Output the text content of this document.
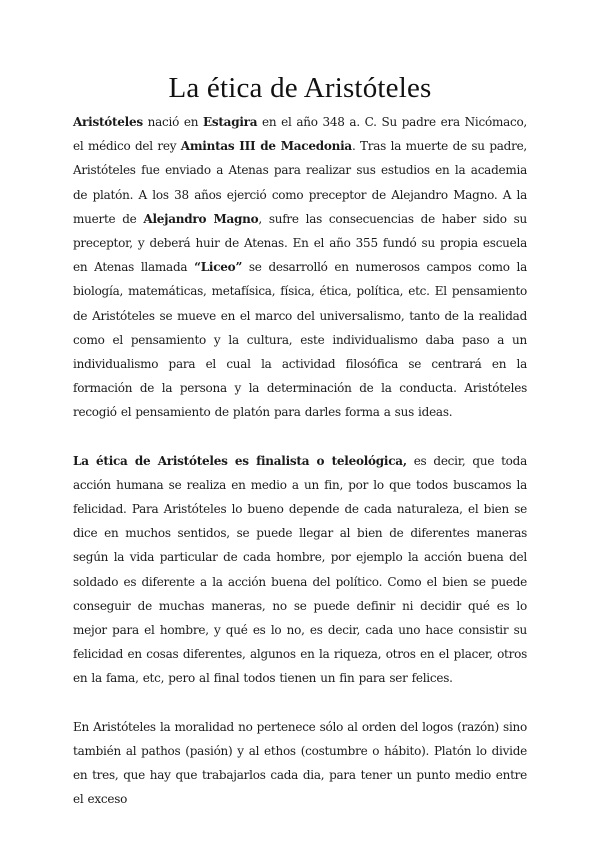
La ética de Aristóteles

Aristóteles nació en Estagira en el año 348 a. C. Su padre era Nicómaco, el médico del rey Amintas III de Macedonia. Tras la muerte de su padre, Aristóteles fue enviado a Atenas para realizar sus estudios en la academia de platón. A los 38 años ejerció como preceptor de Alejandro Magno. A la muerte de Alejandro Magno, sufre las consecuencias de haber sido su preceptor, y deberá huir de Atenas. En el año 355 fundó su propia escuela en Atenas llamada “Liceo” se desarrolló en numerosos campos como la biología, matemáticas, metafísica, física, ética, política, etc. El pensamiento de Aristóteles se mueve en el marco del universalismo, tanto de la realidad como el pensamiento y la cultura, este individualismo daba paso a un individualismo para el cual la actividad filosófica se centrará en la formación de la persona y la determinación de la conducta. Aristóteles recogió el pensamiento de platón para darles forma a sus ideas.

La ética de Aristóteles es finalista o teleológica, es decir, que toda acción humana se realiza en medio a un fin, por lo que todos buscamos la felicidad. Para Aristóteles lo bueno depende de cada naturaleza, el bien se dice en muchos sentidos, se puede llegar al bien de diferentes maneras según la vida particular de cada hombre, por ejemplo la acción buena del soldado es diferente a la acción buena del político. Como el bien se puede conseguir de muchas maneras, no se puede definir ni decidir qué es lo mejor para el hombre, y qué es lo no, es decir, cada uno hace consistir su felicidad en cosas diferentes, algunos en la riqueza, otros en el placer, otros en la fama, etc, pero al final todos tienen un fin para ser felices.

En Aristóteles la moralidad no pertenece sólo al orden del logos (razón) sino también al pathos (pasión) y al ethos (costumbre o hábito). Platón lo divide en tres, que hay que trabajarlos cada dia, para tener un punto medio entre el exceso
